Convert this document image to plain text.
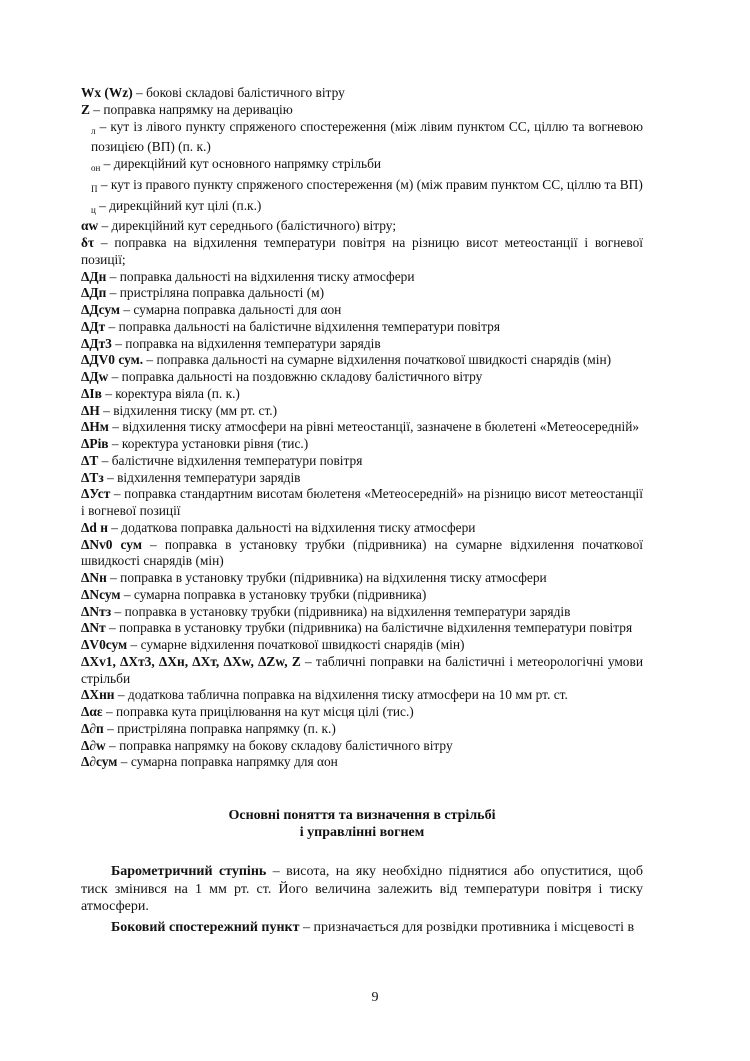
Wx (Wz) – бокові складові балістичного вітру

Z – поправка напрямку на деривацію

$_л$ – кут із лівого пункту спряженого спостереження (між лівим пунктом СС, ціллю та вогневою позицією (ВП) (п. к.)

$_{он}$ – дирекційний кут основного напрямку стрільби

$_П$ – кут із правого пункту спряженого спостереження (м) (між правим пунктом СС, ціллю та ВП)

$_ц$ – дирекційний кут цілі (п.к.)

αw – дирекційний кут середнього (балістичного) вітру;

δτ – поправка на відхилення температури повітря на різницю висот метеостанції і вогневої позиції;

ΔДн – поправка дальності на відхилення тиску атмосфери

ΔДп – пристріляна поправка дальності (м)

ΔДсум – сумарна поправка дальності для αон

ΔДт – поправка дальності на балістичне відхилення температури повітря

ΔДт3 – поправка на відхилення температури зарядів

ΔДV0 сум. – поправка дальності на сумарне відхилення початкової швидкості снарядів (мін)

ΔДw – поправка дальності на поздовжню складову балістичного вітру

ΔIв – коректура віяла (п. к.)

ΔН – відхилення тиску (мм рт. ст.)

ΔНм – відхилення тиску атмосфери на рівні метеостанції, зазначене в бюлетені «Метеосередній»

ΔРів – коректура установки рівня (тис.)

ΔТ – балістичне відхилення температури повітря

ΔТз – відхилення температури зарядів

ΔУст – поправка стандартним висотам бюлетеня «Метеосередній» на різницю висот метеостанції і вогневої позиції

Δd н – додаткова поправка дальності на відхилення тиску атмосфери

ΔNv0 сум – поправка в установку трубки (підривника) на сумарне відхилення початкової швидкості снарядів (мін)

ΔNн – поправка в установку трубки (підривника) на відхилення тиску атмосфери

ΔNсум – сумарна поправка в установку трубки (підривника)

ΔNтз – поправка в установку трубки (підривника) на відхилення температури зарядів

ΔNт – поправка в установку трубки (підривника) на балістичне відхилення температури повітря

ΔV0сум – сумарне відхилення початкової швидкості снарядів (мін)

ΔXv1, ΔXт3, ΔXн, ΔXт, ΔXw, ΔZw, Z – табличні поправки на балістичні і метеорологічні умови стрільби

ΔXнн – додаткова таблична поправка на відхилення тиску атмосфери на 10 мм рт. ст.

Δαε – поправка кута прицілювання на кут місця цілі (тис.)

Δ∂п – пристріляна поправка напрямку (п. к.)

Δ∂w – поправка напрямку на бокову складову балістичного вітру

Δ∂сум – сумарна поправка напрямку для αон

Основні поняття та визначення в стрільбі
і управлінні вогнем

Барометричний ступінь – висота, на яку необхідно піднятися або опуститися, щоб тиск змінився на 1 мм рт. ст. Його величина залежить від температури повітря і тиску атмосфери.

Боковий спостережний пункт – призначається для розвідки противника і місцевості в

9
